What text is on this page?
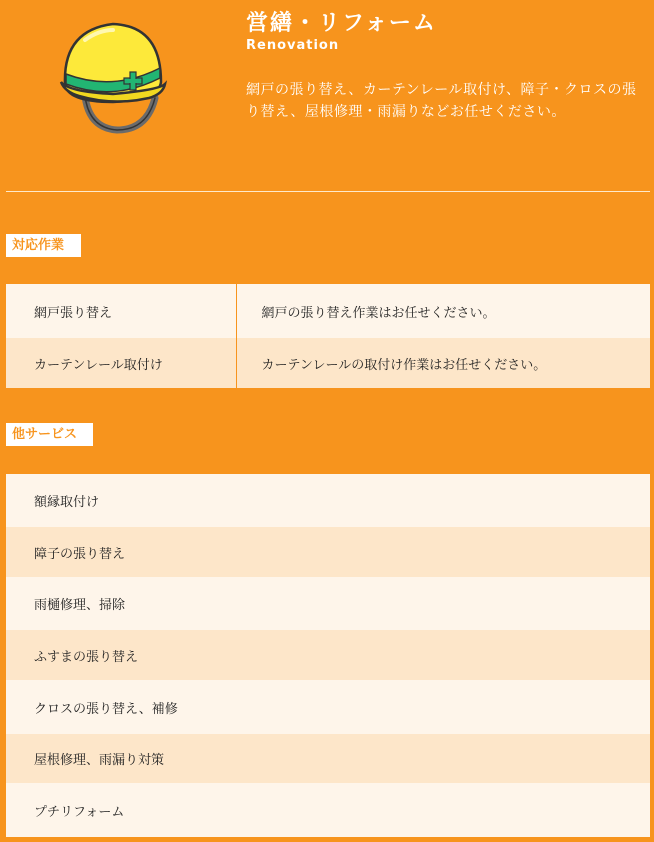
営繕・リフォーム
Renovation

網戸の張り替え、カーテンレール取付け、障子・クロスの張り替え、屋根修理・雨漏りなどお任せください。

対応作業
網戸張り替え	網戸の張り替え作業はお任せください。
カーテンレール取付け	カーテンレールの取付け作業はお任せください。
他サービス
額縁取付け
障子の張り替え
雨樋修理、掃除
ふすまの張り替え
クロスの張り替え、補修
屋根修理、雨漏り対策
プチリフォーム
